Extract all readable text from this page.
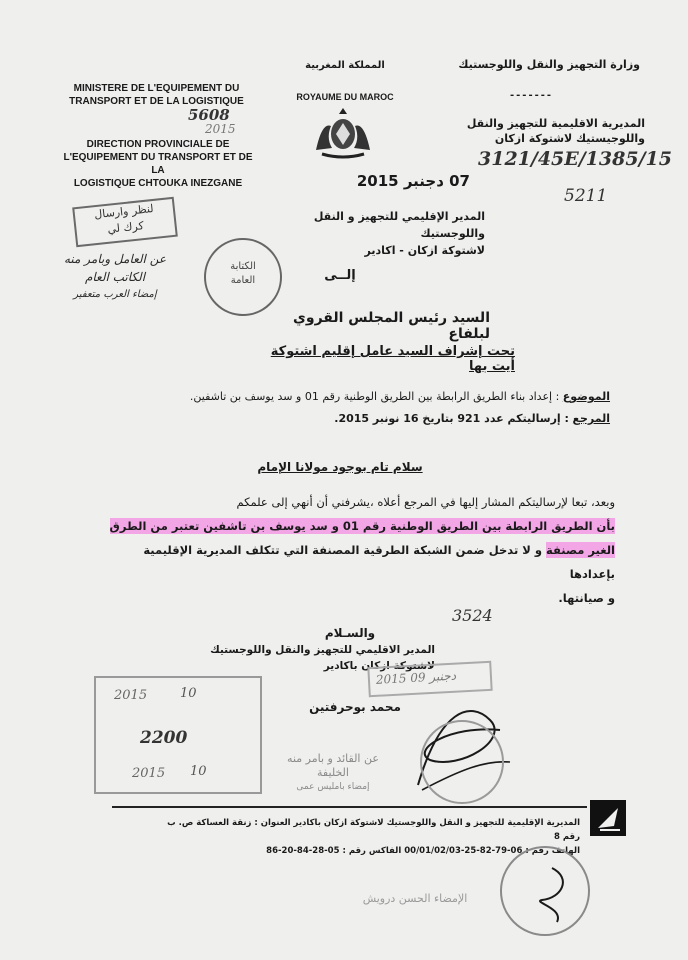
MINISTERE DE L'EQUIPEMENT DU
TRANSPORT ET DE LA LOGISTIQUE
DIRECTION PROVINCIALE DE
L'EQUIPEMENT DU TRANSPORT ET DE LA
LOGISTIQUE CHTOUKA INEZGANE
5608
2015
المملكة المغربية
ROYAUME DU MAROC
وزارة التجهيز والنقل واللوجستيك
-------
المديرية الاقليمية للتجهيز والنقل
واللوجيستيك لاشتوكة ازكان
3121/45E/1385/15
5211
07 دجنبر 2015
المدير الإقليمي للتجهيز و النقل واللوجستيك
لاشتوكة ازكان - اكادير
لنظر وارسال
كرك لي
عن العامل وبامر منه
الكاتب العام
إمضاء العرب متعفير
الكتابة
العامة	إلــى
السيد رئيس المجلس القروي لبلفاع
تحت إشراف السيد عامل إقليم اشتوكة أيت بها
الموضوع : إعداد بناء الطريق الرابطة بين الطريق الوطنية رقم 01 و سد يوسف بن تاشفين.
المرجع : إرساليتكم عدد 921 بتاريخ 16 نونبر 2015.
سلام تام بوجود مولانا الإمام
وبعد، تبعا لإرساليتكم المشار إليها في المرجع أعلاه ،يشرفني أن أنهي إلى علمكم
بأن الطريق الرابطة بين الطريق الوطنية رقم 01 و سد يوسف بن تاشفين تعتبر من الطرق
الغير مصنفة و لا تدخل ضمن الشبكة الطرقية المصنفة التي تتكلف المديرية الإقليمية بإعدادها
و صيانتها.
3524
والسـلام
المدير الاقليمي للتجهيز والنقل واللوجستيك
لاشتوكة ازكان باكادير
محمد بوحرفتين
2015	10
2200
2015 10
عن القائد و بامر منه
الخليفة
إمضاء بامليس عمى
2015 دجنبر 09
المديرية الإقليمية للتجهيز و النقل واللوجستيك لاشتوكة ازكان باكادير العنوان : زنقة العساكة ص. ب رقم 8
الهاتف رقم : 06-79-82-25-00/01/02/03 الفاكس رقم : 05-28-84-20-86
الإمضاء الحسن درويش
